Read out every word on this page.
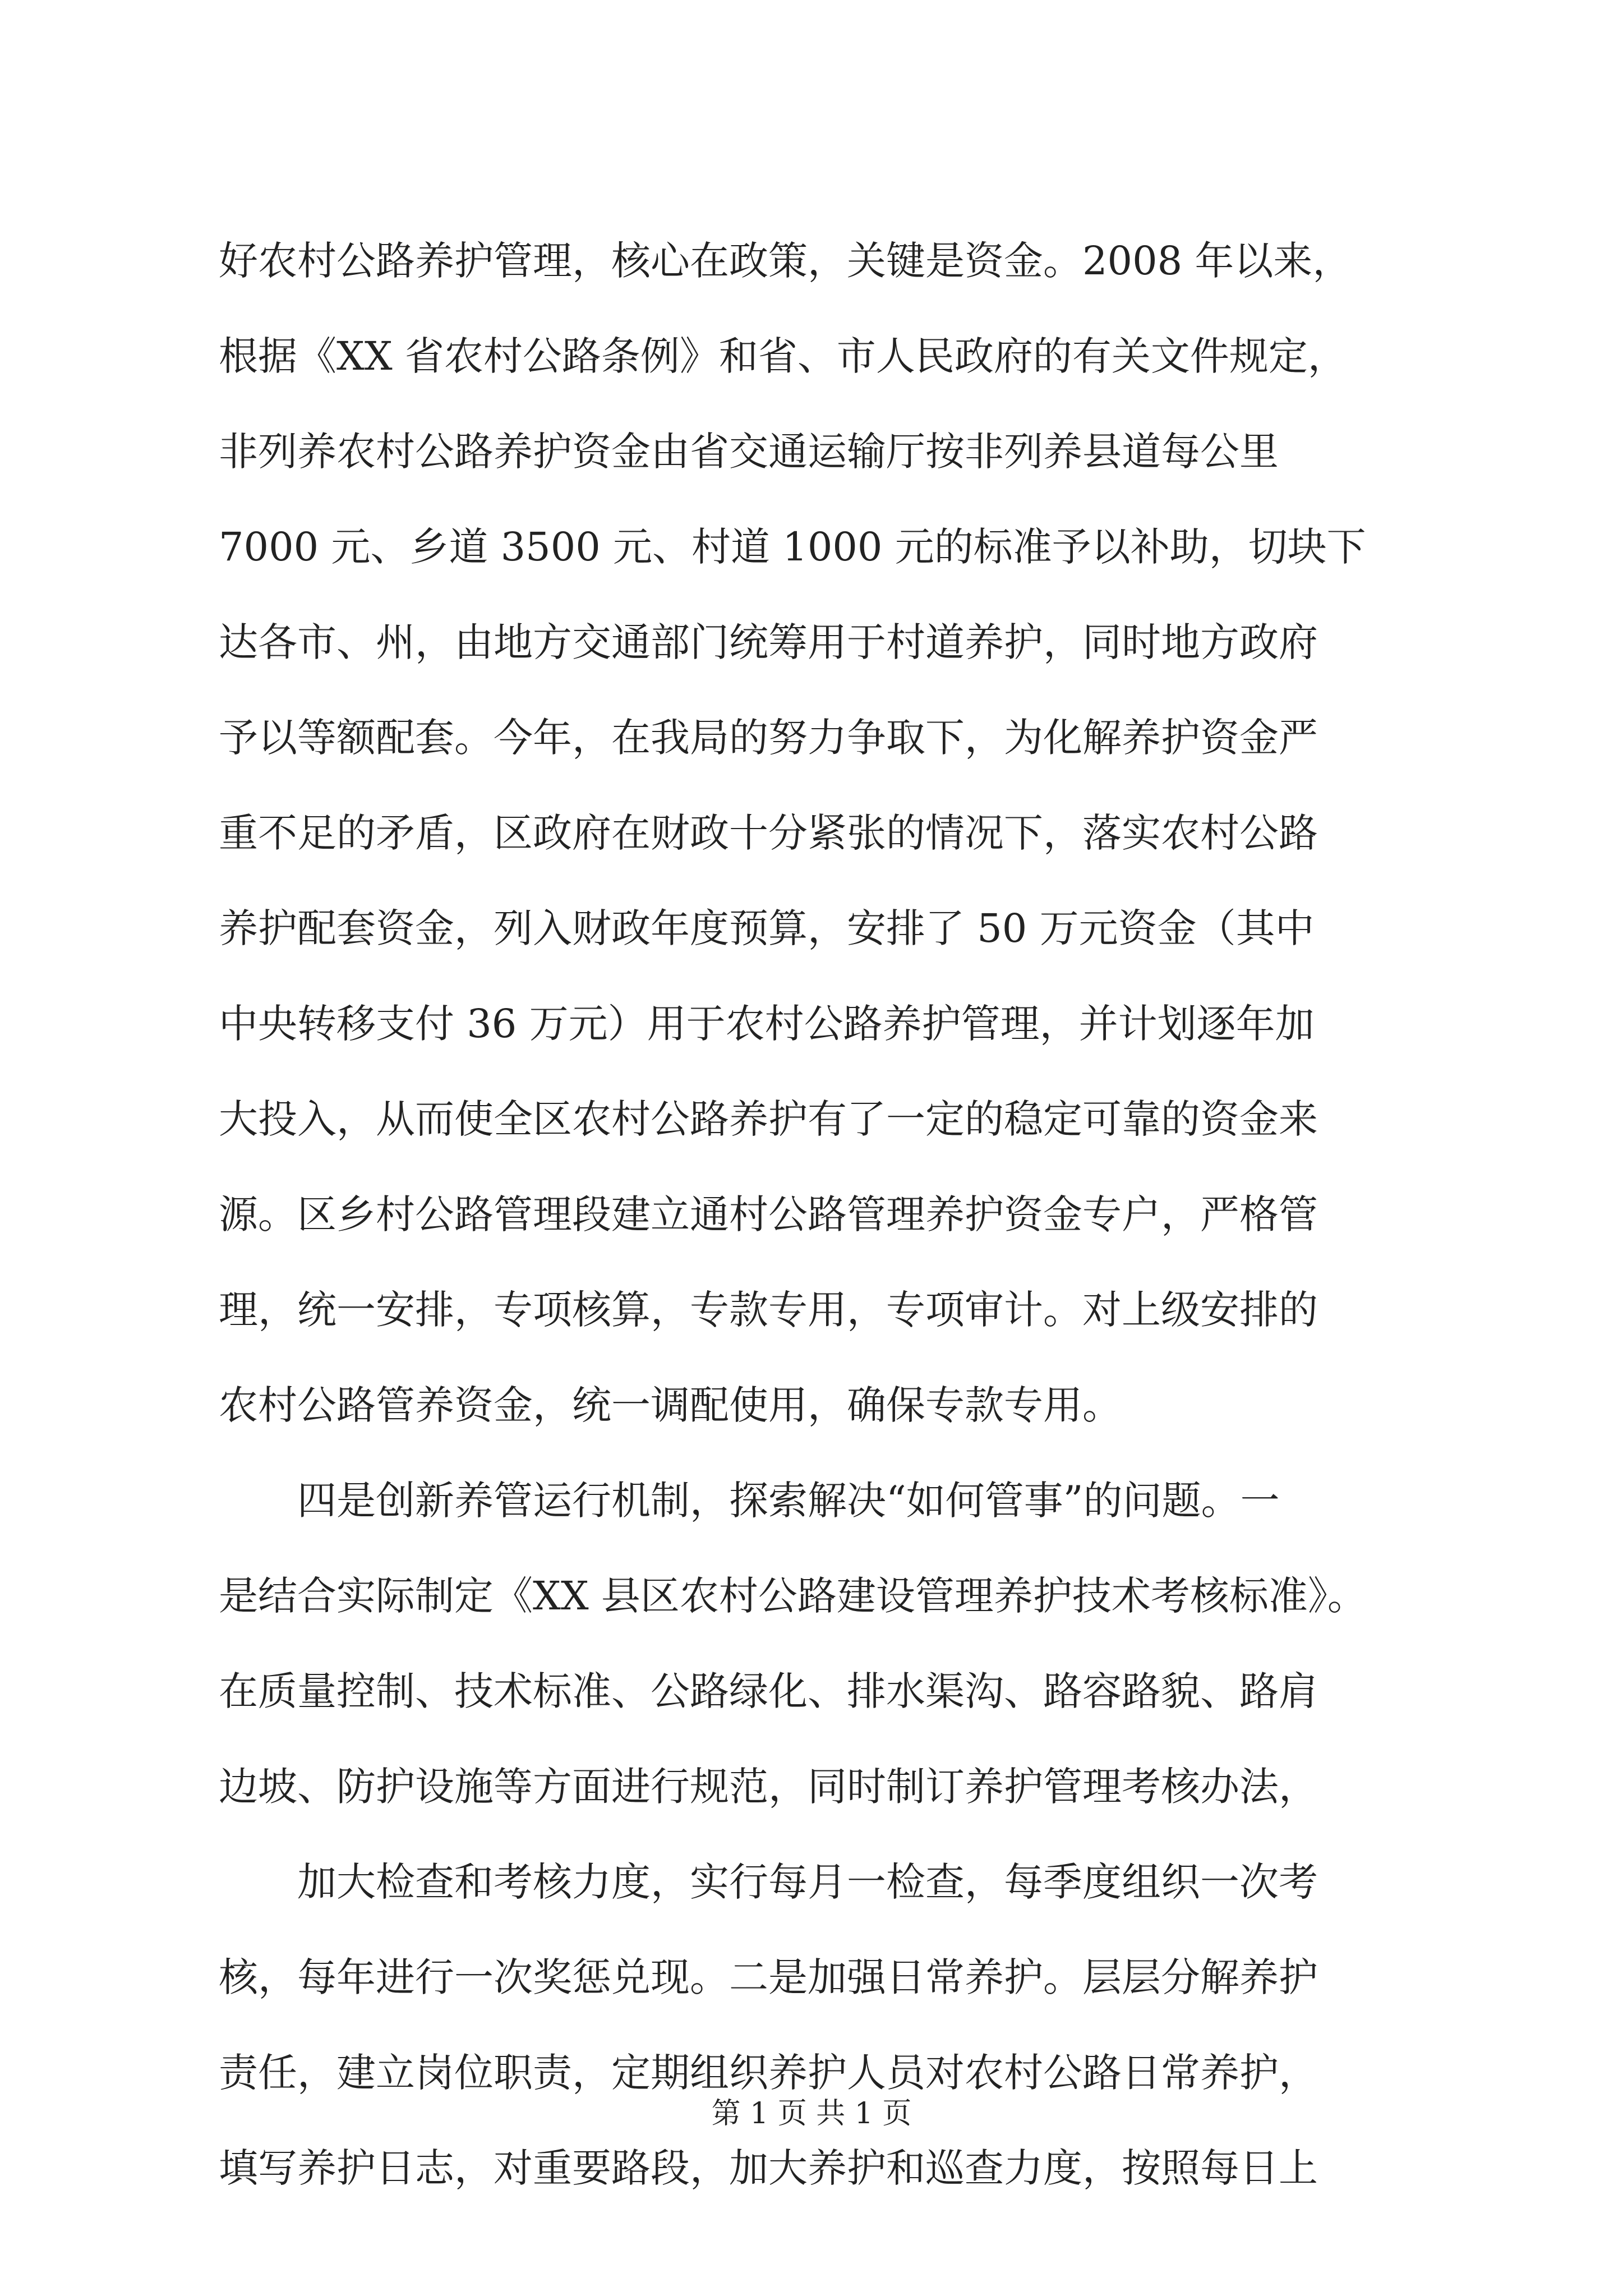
好农村公路养护管理，核心在政策，关键是资金。2008 年以来，
根据《XX 省农村公路条例》和省、市人民政府的有关文件规定，
非列养农村公路养护资金由省交通运输厅按非列养县道每公里
7000 元、乡道 3500 元、村道 1000 元的标准予以补助，切块下
达各市、州，由地方交通部门统筹用于村道养护，同时地方政府
予以等额配套。今年，在我局的努力争取下，为化解养护资金严
重不足的矛盾，区政府在财政十分紧张的情况下，落实农村公路
养护配套资金，列入财政年度预算，安排了 50 万元资金（其中
中央转移支付 36 万元）用于农村公路养护管理，并计划逐年加
大投入，从而使全区农村公路养护有了一定的稳定可靠的资金来
源。区乡村公路管理段建立通村公路管理养护资金专户，严格管
理，统一安排，专项核算，专款专用，专项审计。对上级安排的
农村公路管养资金，统一调配使用，确保专款专用。
四是创新养管运行机制，探索解决“如何管事”的问题。一
是结合实际制定《XX 县区农村公路建设管理养护技术考核标准》。
在质量控制、技术标准、公路绿化、排水渠沟、路容路貌、路肩
边坡、防护设施等方面进行规范，同时制订养护管理考核办法，
加大检查和考核力度，实行每月一检查，每季度组织一次考
核，每年进行一次奖惩兑现。二是加强日常养护。层层分解养护
责任，建立岗位职责，定期组织养护人员对农村公路日常养护，
填写养护日志，对重要路段，加大养护和巡查力度，按照每日上
第 1 页 共 1 页
